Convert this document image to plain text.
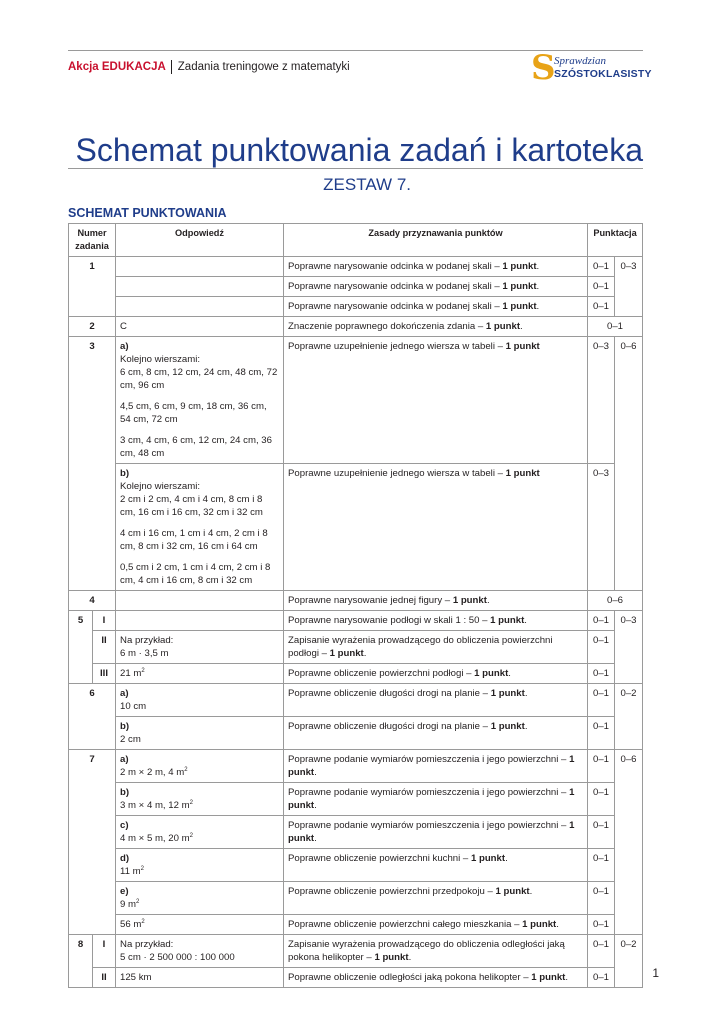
Akcja EDUKACJA Zadania treningowe z matematyki	S
Sprawdzian
SZÓSTOKLASISTY
Schemat punktowania zadań i kartoteka
ZESTAW 7.
SCHEMAT PUNKTOWANIA
Numer zadania		Odpowiedź	Zasady przyznawania punktów	Punktacja	
1			Poprawne narysowanie odcinka w podanej skali – 1 punkt.	0–1	0–3
			Poprawne narysowanie odcinka w podanej skali – 1 punkt.	0–1	
			Poprawne narysowanie odcinka w podanej skali – 1 punkt.	0–1	
2		C	Znaczenie poprawnego dokończenia zdania – 1 punkt.	0–1	
3		a)
Kolejno wierszami:
6 cm, 8 cm, 12 cm, 24 cm, 48 cm, 72 cm, 96 cm
4,5 cm, 6 cm, 9 cm, 18 cm, 36 cm, 54 cm, 72 cm
3 cm, 4 cm, 6 cm, 12 cm, 24 cm, 36 cm, 48 cm	Poprawne uzupełnienie jednego wiersza w tabeli – 1 punkt	0–3	0–6

		b)
Kolejno wierszami:
2 cm i 2 cm, 4 cm i 4 cm, 8 cm i 8 cm, 16 cm i 16 cm, 32 cm i 32 cm
4 cm i 16 cm, 1 cm i 4 cm, 2 cm i 8 cm, 8 cm i 32 cm, 16 cm i 64 cm
0,5 cm i 2 cm, 1 cm i 4 cm, 2 cm i 8 cm, 4 cm i 16 cm, 8 cm i 32 cm	Poprawne uzupełnienie jednego wiersza w tabeli – 1 punkt	0–3	
4			Poprawne narysowanie jednej figury – 1 punkt.	0–6	
5	I		Poprawne narysowanie podłogi w skali 1 : 50 – 1 punkt.	0–1	0–3
	II	Na przykład:
6 m · 3,5 m	Zapisanie wyrażenia prowadzącego do obliczenia powierzchni podłogi – 1 punkt.	0–1	
	III	21 $m^2$	Poprawne obliczenie powierzchni podłogi – 1 punkt.	0–1	
6		a)
10 cm	Poprawne obliczenie długości drogi na planie – 1 punkt.	0–1	0–2

		b)
2 cm	Poprawne obliczenie długości drogi na planie – 1 punkt.	0–1	
7		a)
2 m × 2 m, 4 $m^2$	Poprawne podanie wymiarów pomieszczenia i jego powierzchni – 1 punkt.	0–1	0–6

		b)
3 m × 4 m, 12 $m^2$	Poprawne podanie wymiarów pomieszczenia i jego powierzchni – 1 punkt.	0–1	

		c)
4 m × 5 m, 20 $m^2$	Poprawne podanie wymiarów pomieszczenia i jego powierzchni – 1 punkt.	0–1	

		d)
11 $m^2$	Poprawne obliczenie powierzchni kuchni – 1 punkt.	0–1	

		e)
9 $m^2$	Poprawne obliczenie powierzchni przedpokoju – 1 punkt.	0–1	
		56 $m^2$	Poprawne obliczenie powierzchni całego mieszkania – 1 punkt.	0–1	
8	I	Na przykład:
5 cm · 2 500 000 : 100 000	Zapisanie wyrażenia prowadzącego do obliczenia odległości jaką pokona helikopter – 1 punkt.	0–1	0–2
	II	125 km	Poprawne obliczenie odległości jaką pokona helikopter – 1 punkt.	0–1		1
